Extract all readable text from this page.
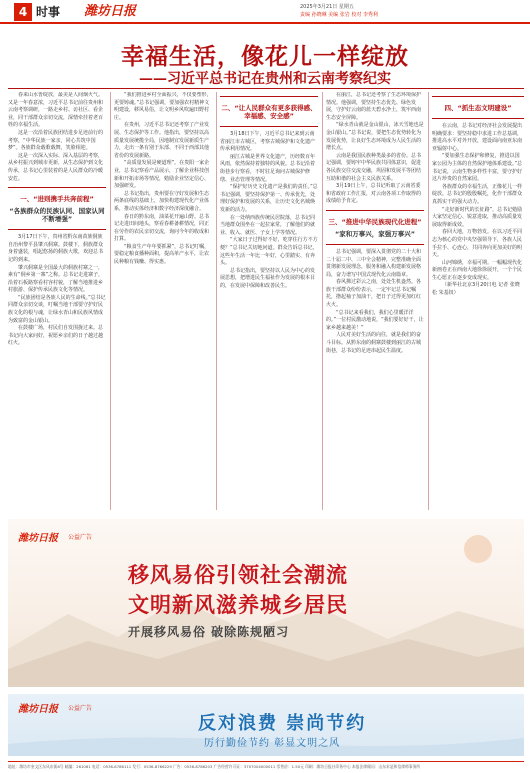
4 时事 潍坊日报	2025年3月21日 星期五
责编 孙晓琳 美编 张岩 校对 李秀利
幸福生活，像花儿一样绽放
——习近平总书记在贵州和云南考察纪实

春来山水皆绽放，最美是人间烟火气。又是一年春意浓，习近平总书记前往贵州和云南考察调研，一路走乡村、访社区、看企业，同干部群众亲切交流，深情牵挂着老百姓的幸福生活。

这是一次沿着民族团结进步足迹前行的考察，“中华民族一家亲，同心共筑中国梦”。各族群众载歌载舞，笑脸相迎。

这是一次深入实际、深入基层的考察，从乡村振兴到城市更新，从生态保护到文化传承，总书记心里装着的是人民群众的冷暖安危。

一、“进则携手共奔前程”
“各族群众的民族认同、国家认同不断增强”

3月17日下午，贵州省黔东南苗族侗族自治州黎平县肇兴侗寨。鼓楼下，侗族群众身着盛装，唱起悠扬的侗族大歌，欢迎总书记的到来。

肇兴侗寨是全国最大的侗族村寨之一，素有“侗乡第一寨”之称。总书记走进寨子，沿着石板路察看村容村貌，了解当地推进乡村旅游、保护传承民族文化等情况。

“民族团结是各族人民的生命线。”总书记同群众亲切交谈，叮嘱当地干部要守护好民族文化的根与魂，让绿水青山和民族风情成为致富的金山银山。

在鼓楼广场，村民们自发围拢过来。总书记向大家问好，祝愿乡亲们的日子越过越红火。

“我们推进乡村全面振兴，不仅要塑形，更要铸魂。”总书记强调，要加强农村精神文明建设，移风易俗，让文明乡风吹遍田野村庄。

在贵州，习近平总书记还考察了产业发展、生态保护等工作。他指出，要坚持以高质量发展统揽全局，因地制宜发展新质生产力，走出一条有别于东部、不同于西部其他省份的发展新路。

“高质量发展是硬道理”。在贵阳一家企业，总书记察看产品展示，了解企业科技创新和开拓市场等情况，勉励企业坚定信心、加强研发。

总书记指出，贵州要在守好发展和生态两条底线的基础上，加快构建现代化产业体系，推动实体经济和数字经济深度融合。

春日的黔东南，油菜花开遍山野。总书记走进田间地头，察看春耕备耕情况，同正在劳作的农民亲切交流，询问今年的收成和打算。

“粮食生产年年要抓紧”，总书记叮嘱，要稳定粮食播种面积，提高单产水平，让农民种粮有钱赚、得实惠。

二、“让人民群众有更多获得感、幸福感、安全感”

3月18日下午，习近平总书记来到云南省丽江市古城区，考察古城保护和文化遗产传承利用情况。

丽江古城是世界文化遗产，历经数百年风雨，依然保持着独特的风貌。总书记沿着街巷步行察看，不时驻足询问古城保护修缮、业态管理等情况。

“保护好历史文化遗产是我们的责任。”总书记强调，要坚持保护第一、传承优先，处理好保护和发展的关系，让历史文化名城焕发新的活力。

在一处纳西族传统民居院落，总书记同当地群众围坐在一起拉家常，了解他们的就业、收入、就医、子女上学等情况。

“大家日子过得好不好，吃穿住行方不方便？”总书记关切地问道。群众告诉总书记，这些年生活一年比一年好，心里踏实、有奔头。

总书记指出，要坚持以人民为中心的发展思想，把增进民生福祉作为发展的根本目的，在发展中保障和改善民生。

在丽江，总书记还考察了生态环境保护情况。他强调，要坚持生态优先、绿色发展，守护好云南的蓝天碧水净土，筑牢西南生态安全屏障。

“绿水青山就是金山银山，冰天雪地也是金山银山。”总书记说，要把生态优势转化为发展优势，让良好生态环境成为人民生活的增长点。

云南是我国民族种类最多的省份。总书记强调，要铸牢中华民族共同体意识，促进各民族交往交流交融，巩固和发展平等团结互助和谐的社会主义民族关系。

3月19日上午，总书记听取了云南省委和省政府工作汇报，对云南各项工作取得的成绩给予肯定。

三、“推进中华民族现代化进程”
“家和万事兴，家强万事兴”

总书记强调，要深入贯彻党的二十大和二十届二中、三中全会精神，完整准确全面贯彻新发展理念，服务和融入构建新发展格局，奋力谱写中国式现代化云南篇章。

春风拂过彩云之南，处处生机盎然。各族干部群众纷纷表示，一定牢记总书记嘱托，撸起袖子加油干，把日子过得更加红红火火。

“总书记来看我们，我们心里暖洋洋的。”一位村民激动地说，“我们要好好干，让家乡越来越美！”

人民对美好生活的向往，就是我们的奋斗目标。从黔东南的侗寨鼓楼到丽江的古城街巷，总书记的足迹串起民生温度。

四、“抓生态文明建设”

在云南，总书记对经济社会发展提出明确要求：要坚持稳中求进工作总基调，推进高水平对外开放，建设面向南亚东南亚辐射中心。

“要加强生态保护和修复，推进以国家公园为主体的自然保护地体系建设。”总书记说，云南生物多样性丰富，要守护好这片珍贵的自然家园。

各族群众的幸福生活，正像花儿一样绽放。总书记的殷殷嘱托，化作干部群众真抓实干的强大动力。

“走好新时代的长征路”，总书记勉励大家坚定信心、锐意进取，推动高质量发展取得新成效。

春回大地，万物勃发。在以习近平同志为核心的党中央坚强领导下，各族人民手拉手、心连心，共同奔向更加美好的明天。

山河锦绣，幸福可期。一幅幅现代化新画卷正在西南大地徐徐展开，一个个民生心愿正在逐步变成现实。

（新华社北京3月20日电 记者 张晓松 朱基钗）

潍坊日报 公益广告
移风易俗引领社会潮流
文明新风滋养城乡居民
开展移风易俗 破除陈规陋习
潍坊日报 公益广告
反对浪费 崇尚节约
厉行勤俭节约 彰显文明之风
地址：潍坊市奎文区东风东街8号 邮编：261061 电话：0536-8786111 发行：0536-8786229 广告：0536-8786203 广告经营许可证：3707004000011 零售价：1.50元 印刷：潍坊日报社印务中心 本报法律顾问：山东求是和信律师事务所
